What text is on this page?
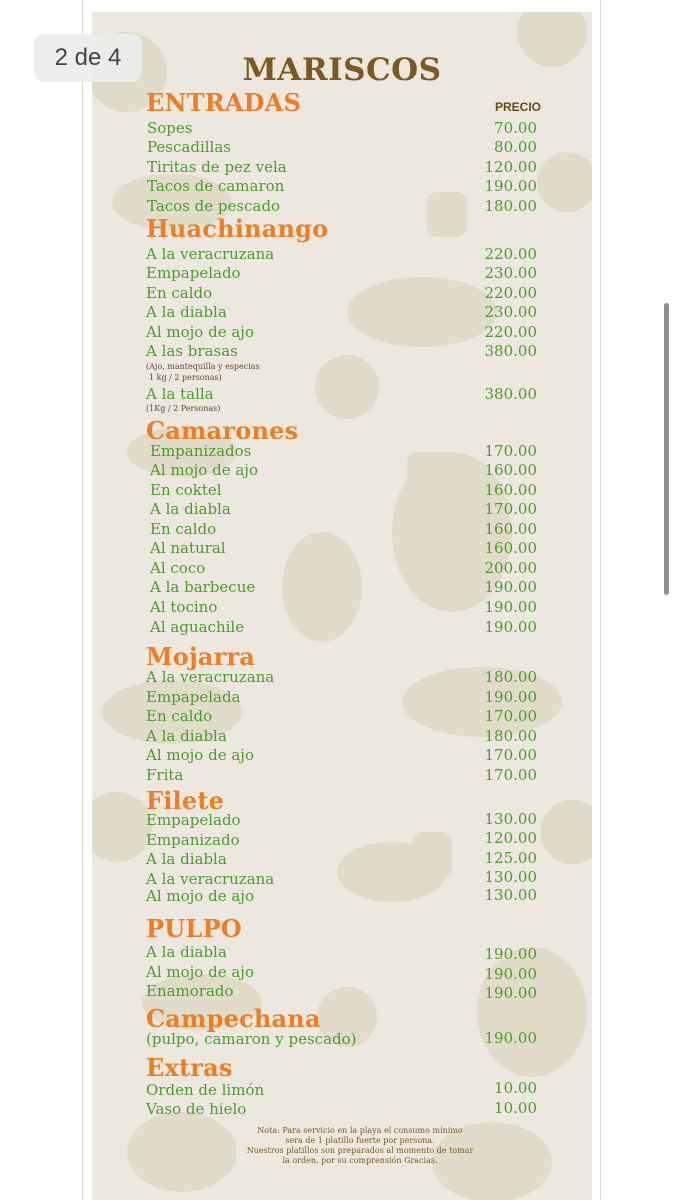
MARISCOS
PRECIO
ENTRADAS
Sopes	70.00
Pescadillas	80.00
Tiritas de pez vela	120.00
Tacos de camaron	190.00
Tacos de pescado	180.00
Huachinango
A la veracruzana	220.00
Empapelado	230.00
En caldo	220.00
A la diabla	230.00
Al mojo de ajo	220.00
A las brasas	380.00
(Ajo, mantequilla y especias
1 kg / 2 personas)
A la talla	380.00
(1Kg / 2 Personas)
Camarones
Empanizados	170.00
Al mojo de ajo	160.00
En coktel	160.00
A la diabla	170.00
En caldo	160.00
Al natural	160.00
Al coco	200.00
A la barbecue	190.00
Al tocino	190.00
Al aguachile	190.00
Mojarra
A la veracruzana	180.00
Empapelada	190.00
En caldo	170.00
A la diabla	180.00
Al mojo de ajo	170.00
Frita	170.00
Filete
Empapelado	130.00
Empanizado	120.00
A la diabla	125.00
A la veracruzana	130.00
Al mojo de ajo	130.00
PULPO
A la diabla	190.00
Al mojo de ajo	190.00
Enamorado	190.00
Campechana
(pulpo, camaron y pescado)	190.00
Extras
Orden de limón	10.00
Vaso de hielo	10.00
Nota: Para servicio en la playa el consumo mínimo
sera de 1 platillo fuerte por persona.
Nuestros platillos son preparados al momento de tomar
la orden, por su comprensión Gracias.
2 de 4
